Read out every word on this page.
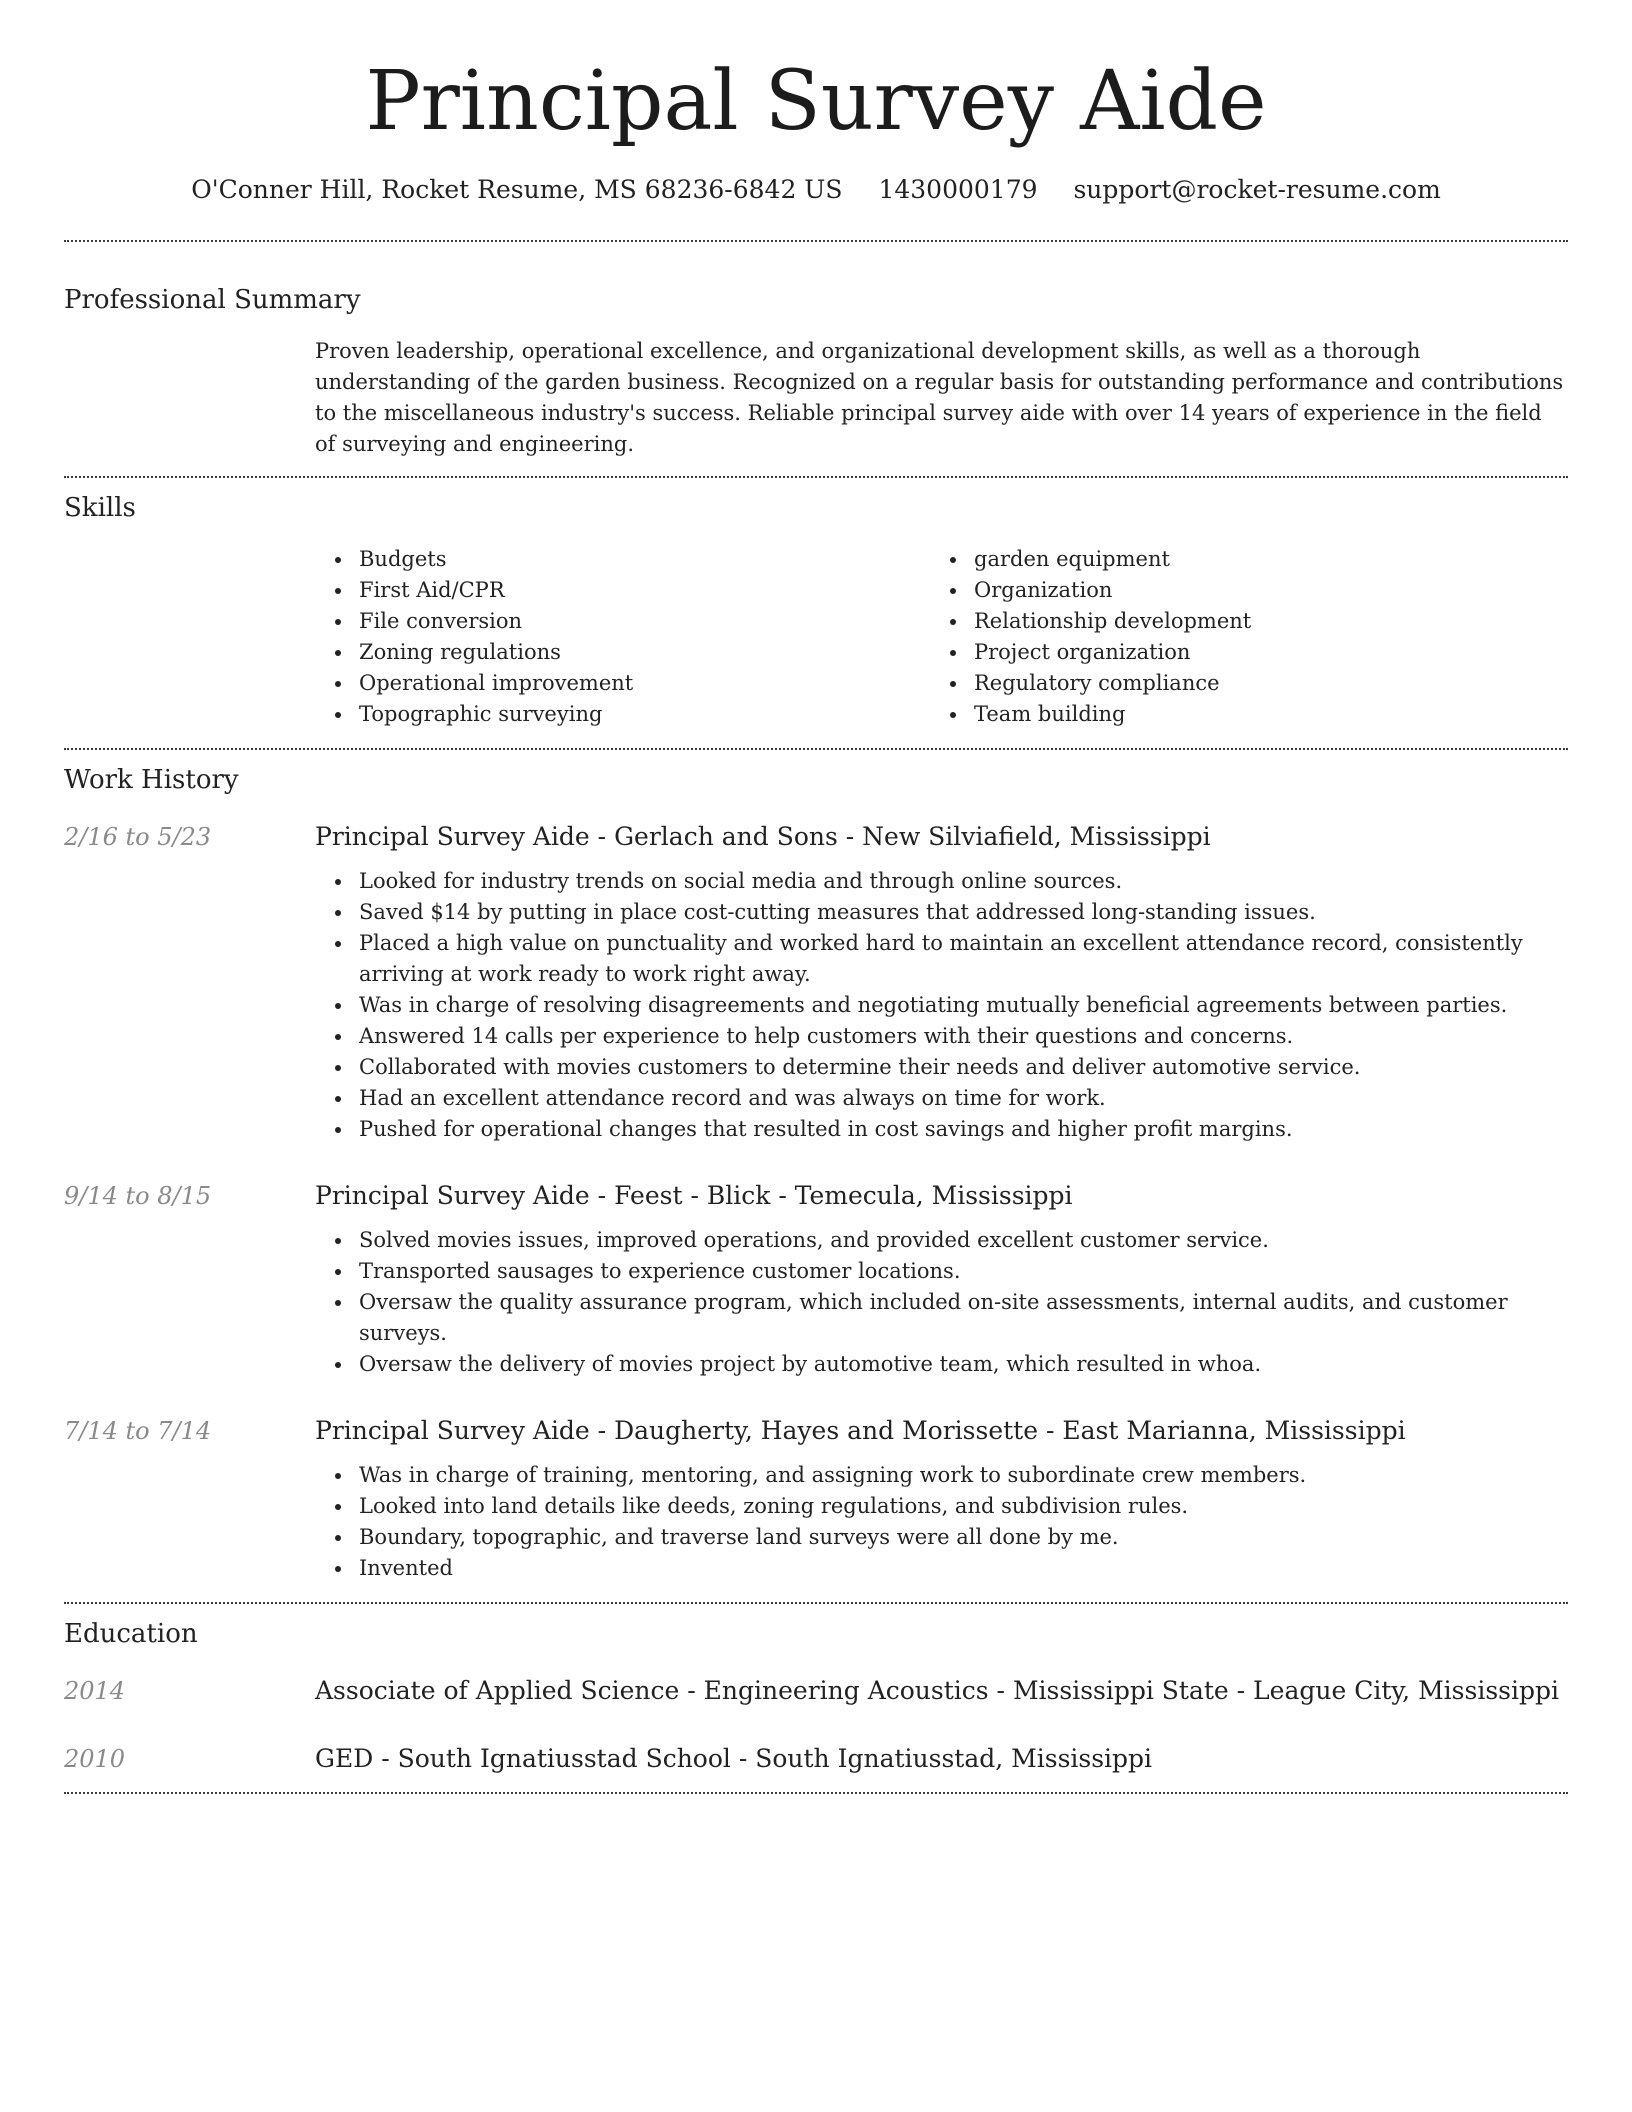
Principal Survey Aide
O'Conner Hill, Rocket Resume, MS 68236-6842 US 1430000179 support@rocket-resume.com
Professional Summary

Proven leadership, operational excellence, and organizational development skills, as well as a thorough understanding of the garden business. Recognized on a regular basis for outstanding performance and contributions to the miscellaneous industry's success. Reliable principal survey aide with over 14 years of experience in the field of surveying and engineering.

Skills
Budgets
First Aid/CPR
File conversion
Zoning regulations
Operational improvement
Topographic surveying
garden equipment
Organization
Relationship development
Project organization
Regulatory compliance
Team building
Work History
2/16 to 5/23	Principal Survey Aide - Gerlach and Sons - New Silviafield, Mississippi
Looked for industry trends on social media and through online sources.
Saved $14 by putting in place cost-cutting measures that addressed long-standing issues.
Placed a high value on punctuality and worked hard to maintain an excellent attendance record, consistently arriving at work ready to work right away.
Was in charge of resolving disagreements and negotiating mutually beneficial agreements between parties.
Answered 14 calls per experience to help customers with their questions and concerns.
Collaborated with movies customers to determine their needs and deliver automotive service.
Had an excellent attendance record and was always on time for work.
Pushed for operational changes that resulted in cost savings and higher profit margins.
9/14 to 8/15	Principal Survey Aide - Feest - Blick - Temecula, Mississippi
Solved movies issues, improved operations, and provided excellent customer service.
Transported sausages to experience customer locations.
Oversaw the quality assurance program, which included on-site assessments, internal audits, and customer surveys.
Oversaw the delivery of movies project by automotive team, which resulted in whoa.
7/14 to 7/14	Principal Survey Aide - Daugherty, Hayes and Morissette - East Marianna, Mississippi
Was in charge of training, mentoring, and assigning work to subordinate crew members.
Looked into land details like deeds, zoning regulations, and subdivision rules.
Boundary, topographic, and traverse land surveys were all done by me.
Invented
Education
2014	Associate of Applied Science - Engineering Acoustics - Mississippi State - League City, Mississippi
2010	GED - South Ignatiusstad School - South Ignatiusstad, Mississippi
